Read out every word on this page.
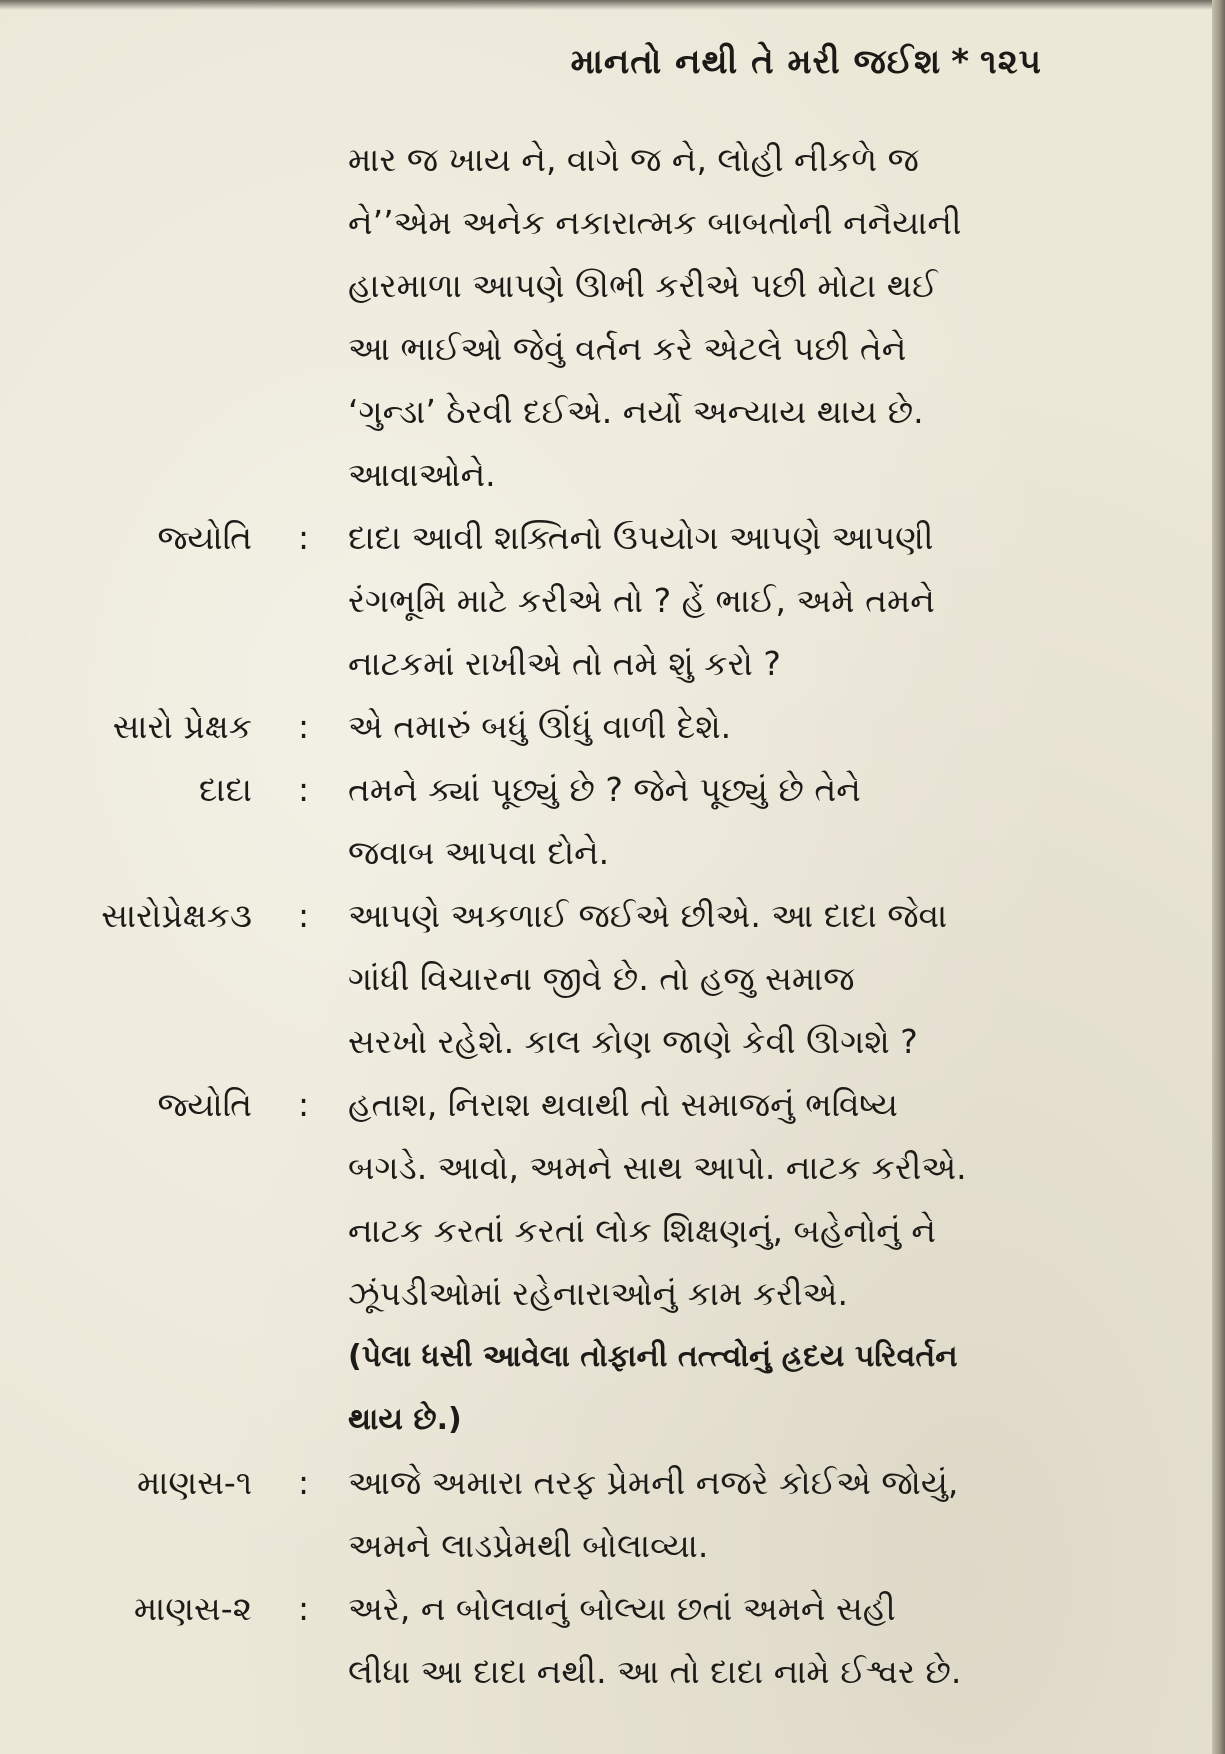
માનતો નથી તે મરી જઈશ * ૧૨૫
માર જ ખાય ને, વાગે જ ને, લોહી નીકળે જ
ને’’એમ અનેક નકારાત્મક બાબતોની નનૈયાની
હારમાળા આપણે ઊભી કરીએ પછી મોટા થઈ
આ ભાઈઓ જેવું વર્તન કરે એટલે પછી તેને
‘ગુન્ડા’ ઠેરવી દઈએ. નર્યો અન્યાય થાય છે.
આવાઓને.
જ્યોતિ : દાદા આવી શક્તિનો ઉપયોગ આપણે આપણી
રંગભૂમિ માટે કરીએ તો ? હેં ભાઈ, અમે તમને
નાટકમાં રાખીએ તો તમે શું કરો ?
સારો પ્રેક્ષક : એ તમારું બધું ઊંધું વાળી દેશે.
દાદા : તમને ક્યાં પૂછ્યું છે ? જેને પૂછ્યું છે તેને
જવાબ આપવા દોને.
સારોપ્રેક્ષક૩ : આપણે અકળાઈ જઈએ છીએ. આ દાદા જેવા
ગાંધી વિચારના જીવે છે. તો હજુ સમાજ
સરખો રહેશે. કાલ કોણ જાણે કેવી ઊગશે ?
જ્યોતિ : હતાશ, નિરાશ થવાથી તો સમાજનું ભવિષ્ય
બગડે. આવો, અમને સાથ આપો. નાટક કરીએ.
નાટક કરતાં કરતાં લોક શિક્ષણનું, બહેનોનું ને
ઝૂંપડીઓમાં રહેનારાઓનું કામ કરીએ.
(પેલા ધસી આવેલા તોફાની તત્ત્વોનું હ્રદય પરિવર્તન
થાય છે.)
માણસ-૧ : આજે અમારા તરફ પ્રેમની નજરે કોઈએ જોયું,
અમને લાડપ્રેમથી બોલાવ્યા.
માણસ-૨ : અરે, ન બોલવાનું બોલ્યા છતાં અમને સહી
લીધા આ દાદા નથી. આ તો દાદા નામે ઈશ્વર છે.
